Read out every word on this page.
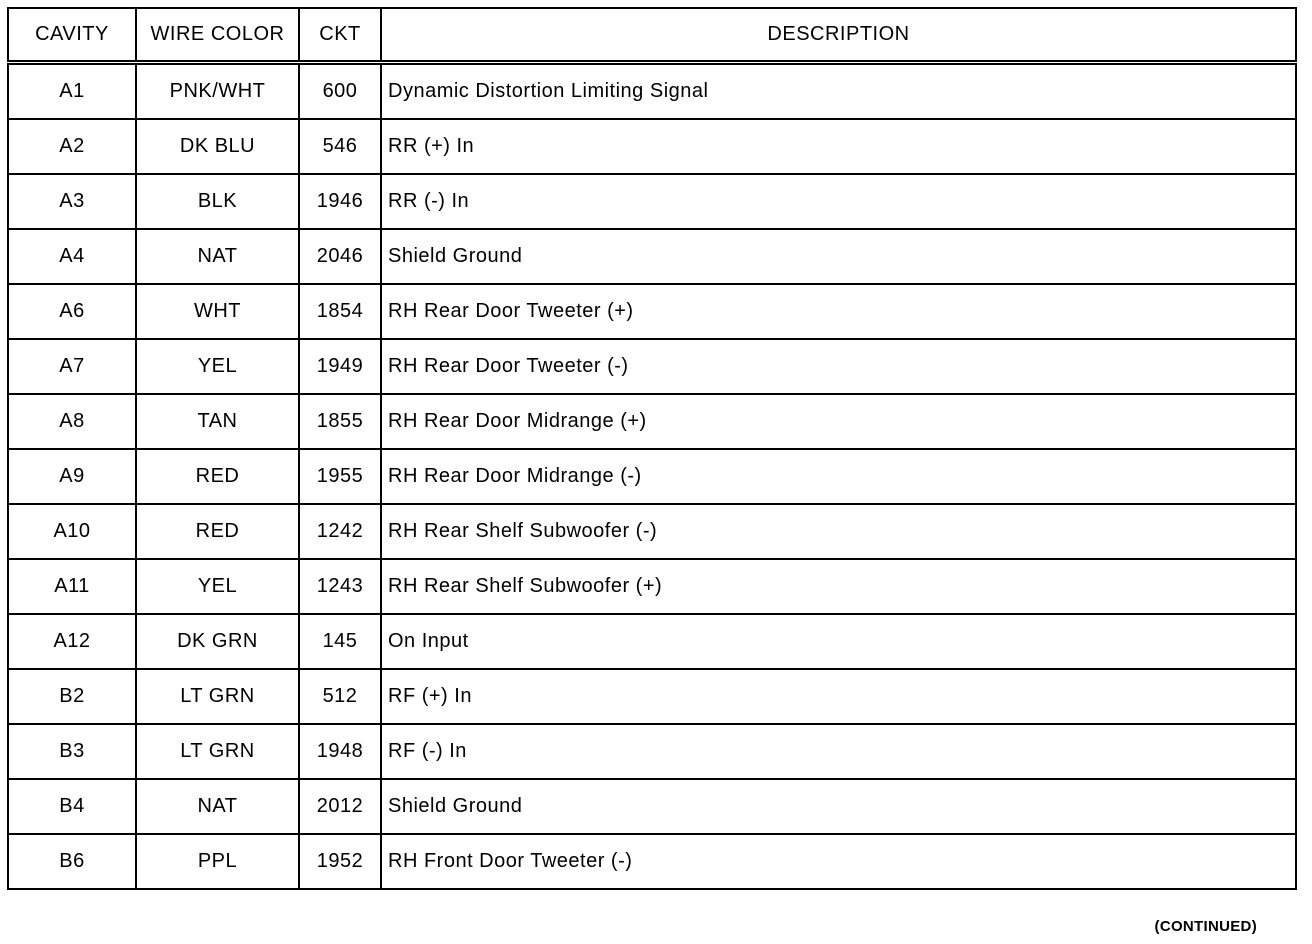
CAVITY	WIRE COLOR	CKT	DESCRIPTION
A1	PNK/WHT	600	Dynamic Distortion Limiting Signal
A2	DK BLU	546	RR (+) In
A3	BLK	1946	RR (-) In
A4	NAT	2046	Shield Ground
A6	WHT	1854	RH Rear Door Tweeter (+)
A7	YEL	1949	RH Rear Door Tweeter (-)
A8	TAN	1855	RH Rear Door Midrange (+)
A9	RED	1955	RH Rear Door Midrange (-)
A10	RED	1242	RH Rear Shelf Subwoofer (-)
A11	YEL	1243	RH Rear Shelf Subwoofer (+)
A12	DK GRN	145	On Input
B2	LT GRN	512	RF (+) In
B3	LT GRN	1948	RF (-) In
B4	NAT	2012	Shield Ground
B6	PPL	1952	RH Front Door Tweeter (-)
(CONTINUED)
